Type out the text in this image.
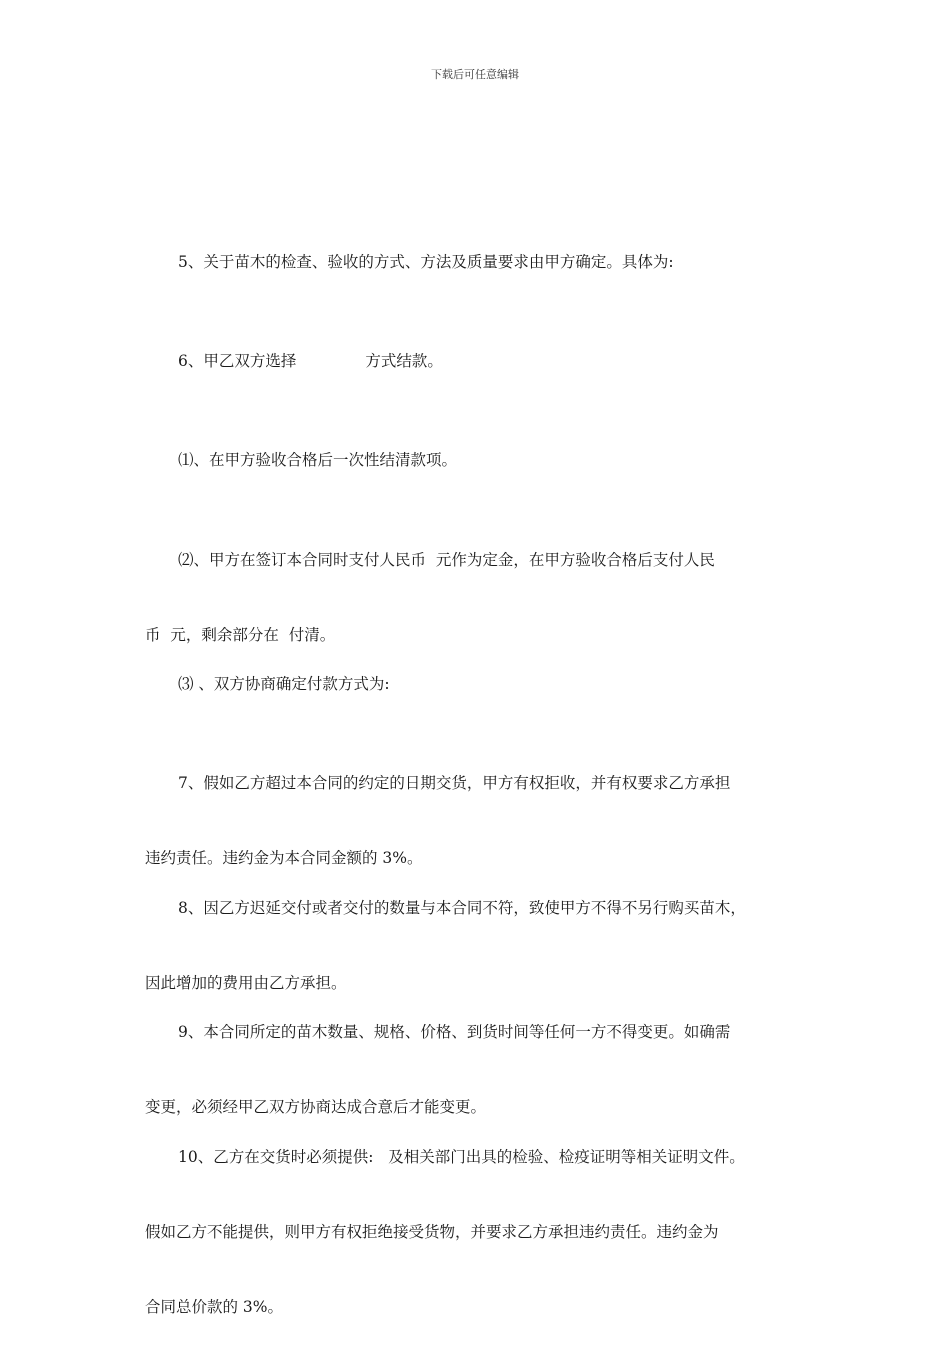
下载后可任意编辑

5、关于苗木的检查、验收的方式、方法及质量要求由甲方确定。具体为:

6、甲乙双方选择              方式结款。

⑴、在甲方验收合格后一次性结清款项。

⑵、甲方在签订本合同时支付人民币  元作为定金，在甲方验收合格后支付人民

币  元，剩余部分在  付清。

⑶ 、双方协商确定付款方式为:

7、假如乙方超过本合同的约定的日期交货，甲方有权拒收，并有权要求乙方承担

违约责任。违约金为本合同金额的 3%。

8、因乙方迟延交付或者交付的数量与本合同不符，致使甲方不得不另行购买苗木，

因此增加的费用由乙方承担。

9、本合同所定的苗木数量、规格、价格、到货时间等任何一方不得变更。如确需

变更，必须经甲乙双方协商达成合意后才能变更。

10、乙方在交货时必须提供:   及相关部门出具的检验、检疫证明等相关证明文件。

假如乙方不能提供，则甲方有权拒绝接受货物，并要求乙方承担违约责任。违约金为

合同总价款的 3%。
